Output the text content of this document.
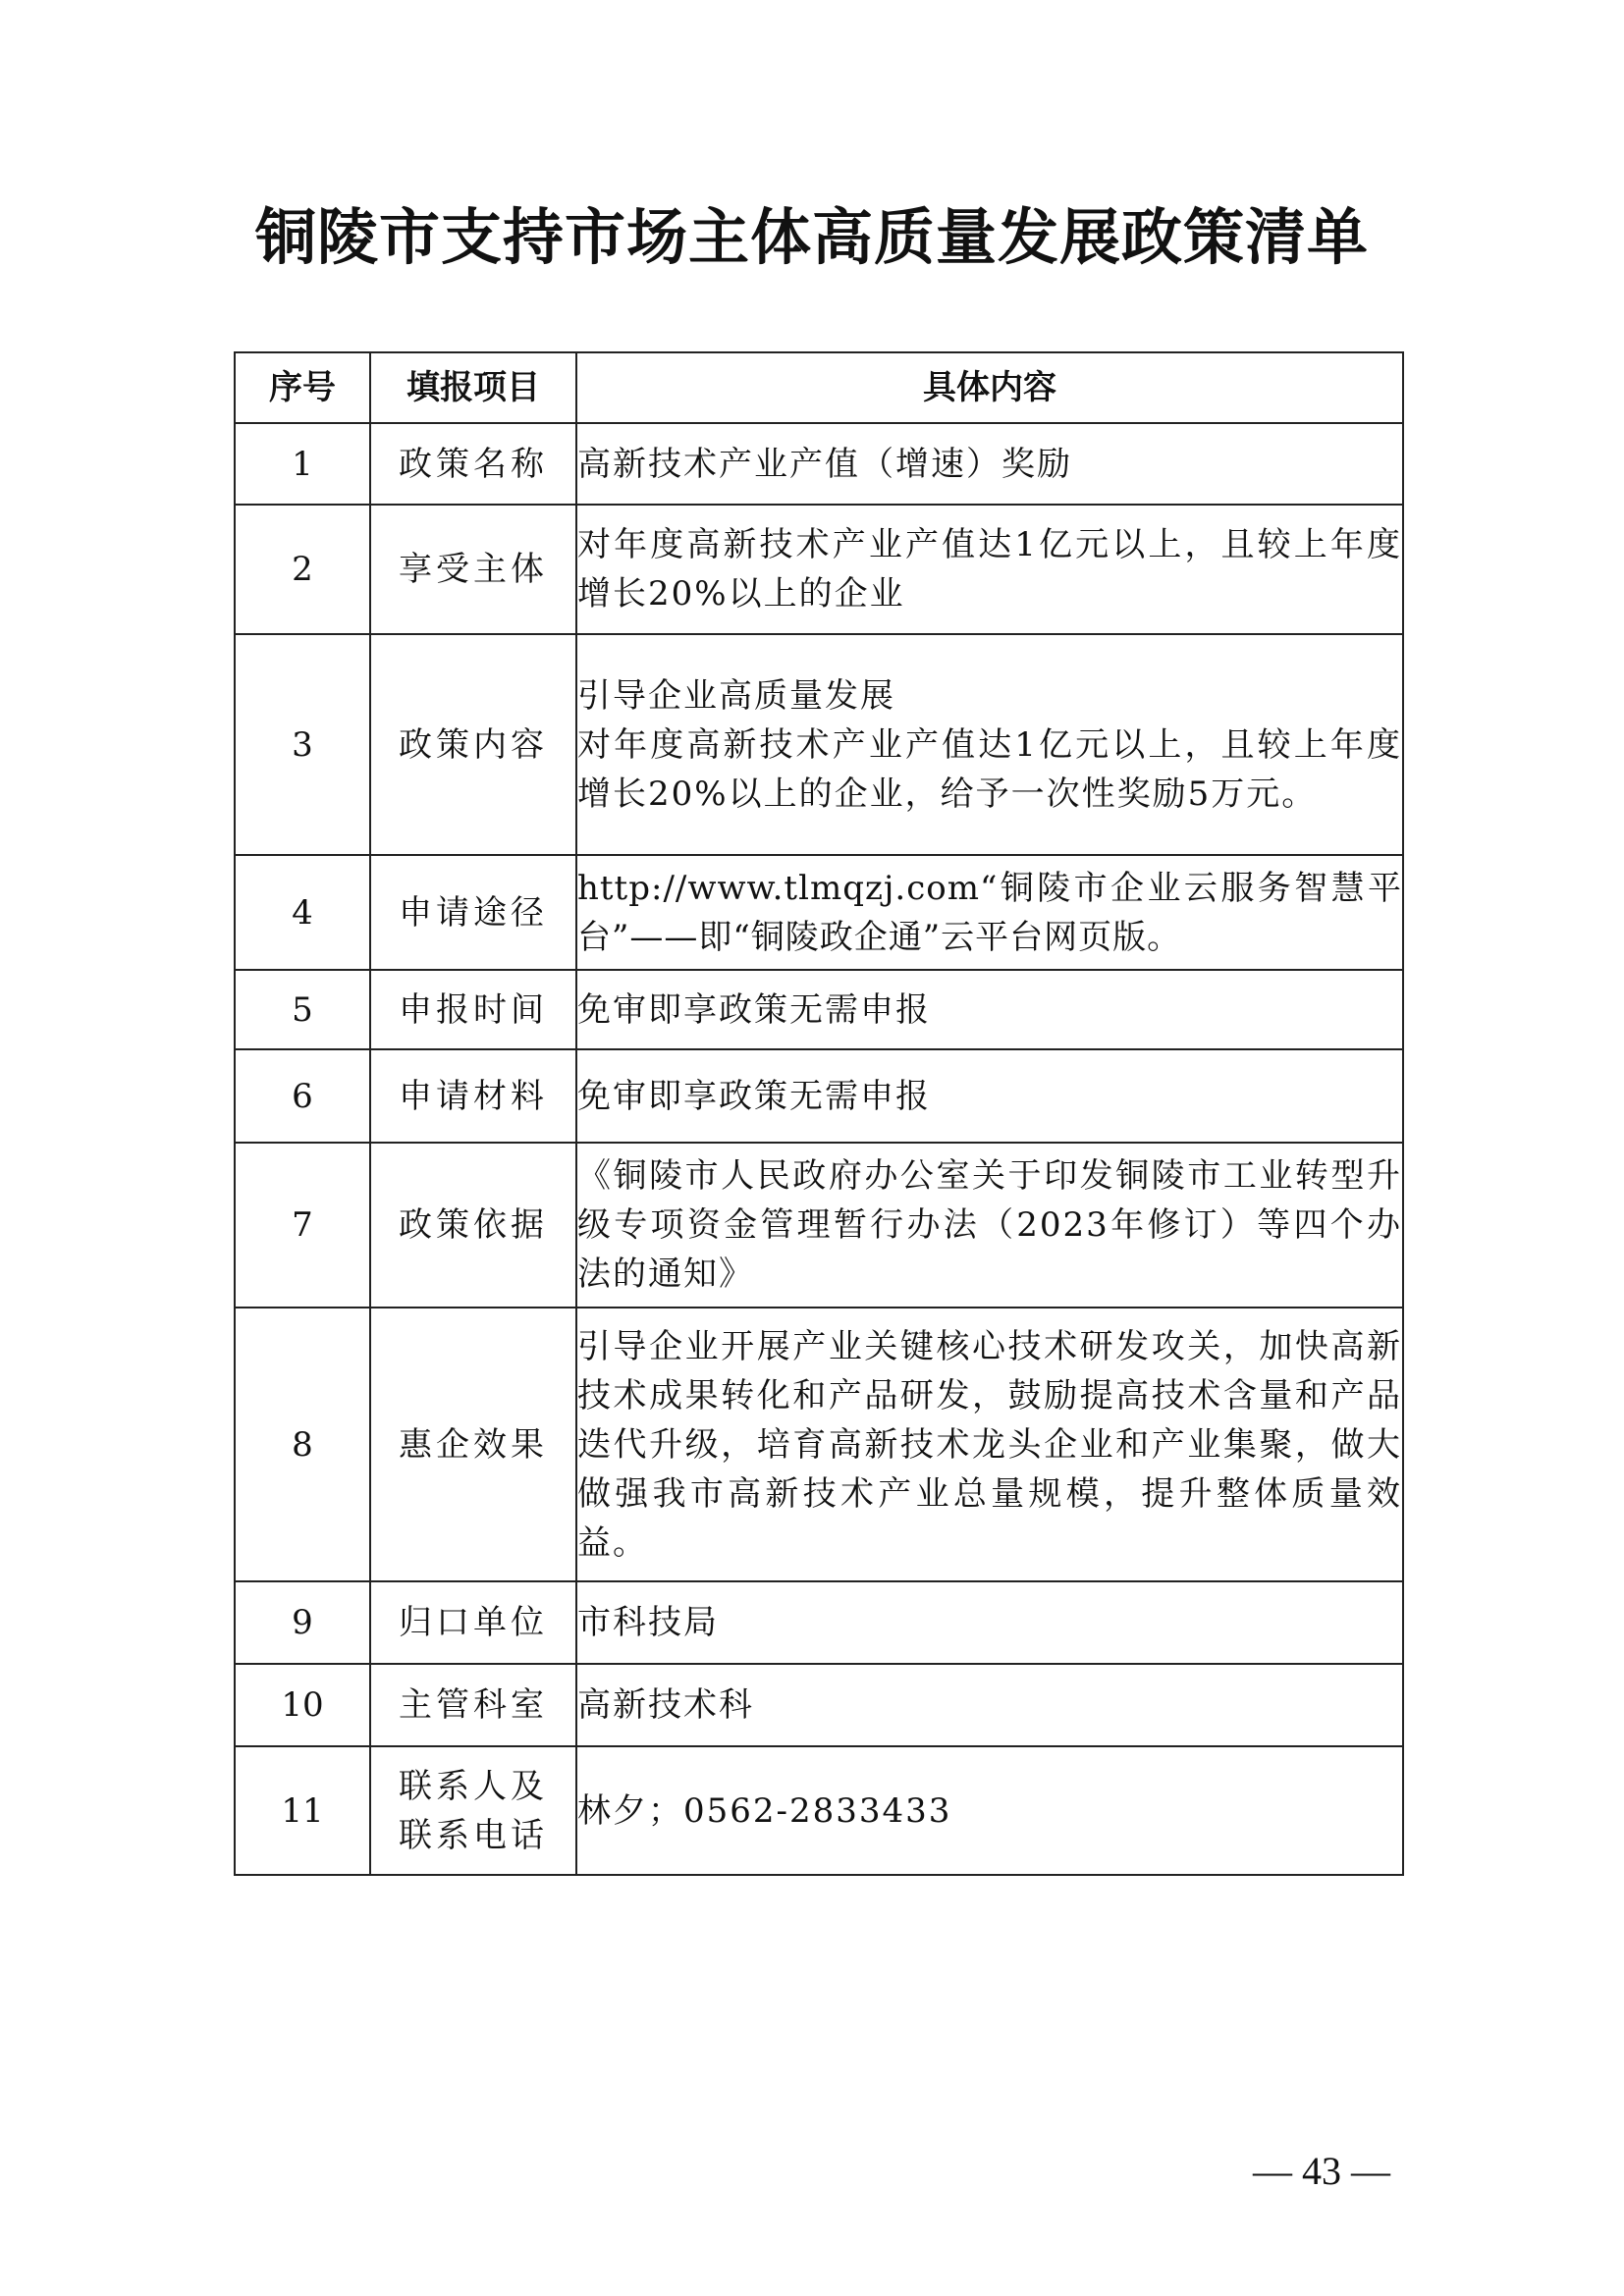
铜陵市支持市场主体高质量发展政策清单
序号	填报项目	具体内容
1	政策名称	高新技术产业产值（增速）奖励
2	享受主体	对年度高新技术产业产值达1亿元以上，且较上年度增长20%以上的企业
3	政策内容	引导企业高质量发展
对年度高新技术产业产值达1亿元以上，且较上年度增长20%以上的企业，给予一次性奖励5万元。

4	申请途径	http://www.tlmqzj.com“铜陵市企业云服务智慧平台”——即“铜陵政企通”云平台网页版。
5	申报时间	免审即享政策无需申报
6	申请材料	免审即享政策无需申报
7	政策依据	《铜陵市人民政府办公室关于印发铜陵市工业转型升级专项资金管理暂行办法（2023年修订）等四个办法的通知》
8	惠企效果	引导企业开展产业关键核心技术研发攻关，加快高新技术成果转化和产品研发，鼓励提高技术含量和产品迭代升级，培育高新技术龙头企业和产业集聚，做大做强我市高新技术产业总量规模，提升整体质量效益。
9	归口单位	市科技局
10	主管科室	高新技术科
11	联系人及联系电话	林夕；0562-2833433
— 43 —
